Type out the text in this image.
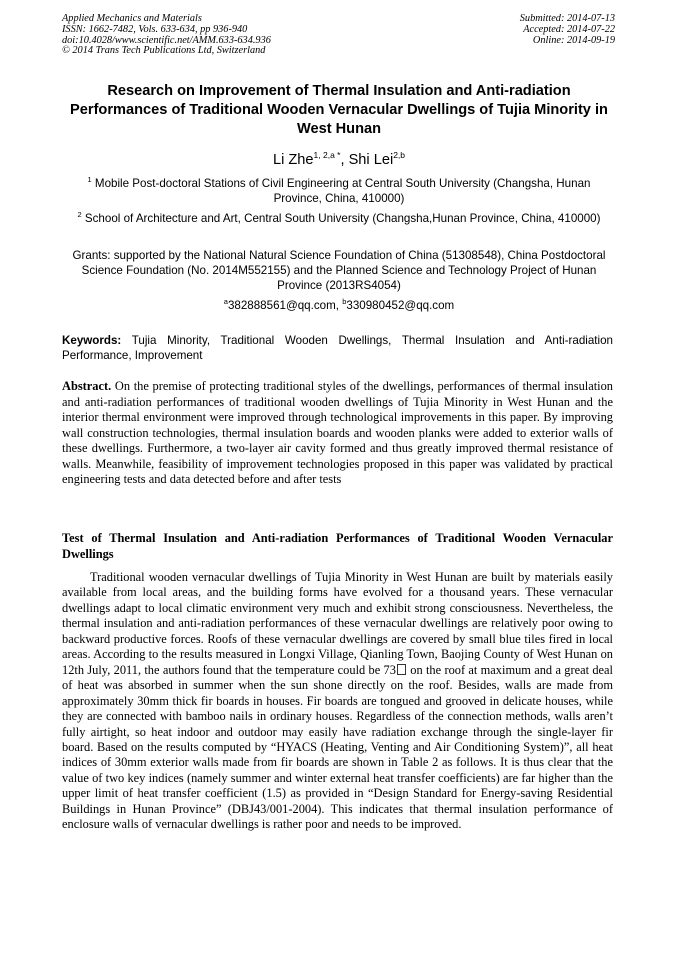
Applied Mechanics and Materials
ISSN: 1662-7482, Vols. 633-634, pp 936-940
doi:10.4028/www.scientific.net/AMM.633-634.936
© 2014 Trans Tech Publications Ltd, Switzerland
Submitted: 2014-07-13
Accepted: 2014-07-22
Online: 2014-09-19
Research on Improvement of Thermal Insulation and Anti-radiation Performances of Traditional Wooden Vernacular Dwellings of Tujia Minority in West Hunan
Li Zhe$^{1, 2,a *}$, Shi Lei$^{2,b}$
$^1$ Mobile Post-doctoral Stations of Civil Engineering at Central South University (Changsha, Hunan Province, China, 410000)
$^2$ School of Architecture and Art, Central South University (Changsha,Hunan Province, China, 410000)
Grants: supported by the National Natural Science Foundation of China (51308548), China Postdoctoral Science Foundation (No. 2014M552155) and the Planned Science and Technology Project of Hunan Province (2013RS4054)
$^a$382888561@qq.com, $^b$330980452@qq.com
Keywords: Tujia Minority, Traditional Wooden Dwellings, Thermal Insulation and Anti-radiation Performance, Improvement
Abstract. On the premise of protecting traditional styles of the dwellings, performances of thermal insulation and anti-radiation performances of traditional wooden dwellings of Tujia Minority in West Hunan and the interior thermal environment were improved through technological improvements in this paper. By improving wall construction technologies, thermal insulation boards and wooden planks were added to exterior walls of these dwellings. Furthermore, a two-layer air cavity formed and thus greatly improved thermal resistance of walls. Meanwhile, feasibility of improvement technologies proposed in this paper was validated by practical engineering tests and data detected before and after tests
Test of Thermal Insulation and Anti-radiation Performances of Traditional Wooden Vernacular Dwellings
Traditional wooden vernacular dwellings of Tujia Minority in West Hunan are built by materials easily available from local areas, and the building forms have evolved for a thousand years. These vernacular dwellings adapt to local climatic environment very much and exhibit strong consciousness. Nevertheless, the thermal insulation and anti-radiation performances of these vernacular dwellings are relatively poor owing to backward productive forces. Roofs of these vernacular dwellings are covered by small blue tiles fired in local areas. According to the results measured in Longxi Village, Qianling Town, Baojing County of West Hunan on 12th July, 2011, the authors found that the temperature could be 73 on the roof at maximum and a great deal of heat was absorbed in summer when the sun shone directly on the roof. Besides, walls are made from approximately 30mm thick fir boards in houses. Fir boards are tongued and grooved in delicate houses, while they are connected with bamboo nails in ordinary houses. Regardless of the connection methods, walls aren’t fully airtight, so heat indoor and outdoor may easily have radiation exchange through the single-layer fir board. Based on the results computed by “HYACS (Heating, Venting and Air Conditioning System)”, all heat indices of 30mm exterior walls made from fir boards are shown in Table 2 as follows. It is thus clear that the value of two key indices (namely summer and winter external heat transfer coefficients) are far higher than the upper limit of heat transfer coefficient (1.5) as provided in “Design Standard for Energy-saving Residential Buildings in Hunan Province” (DBJ43/001-2004). This indicates that thermal insulation performance of enclosure walls of vernacular dwellings is rather poor and needs to be improved.
